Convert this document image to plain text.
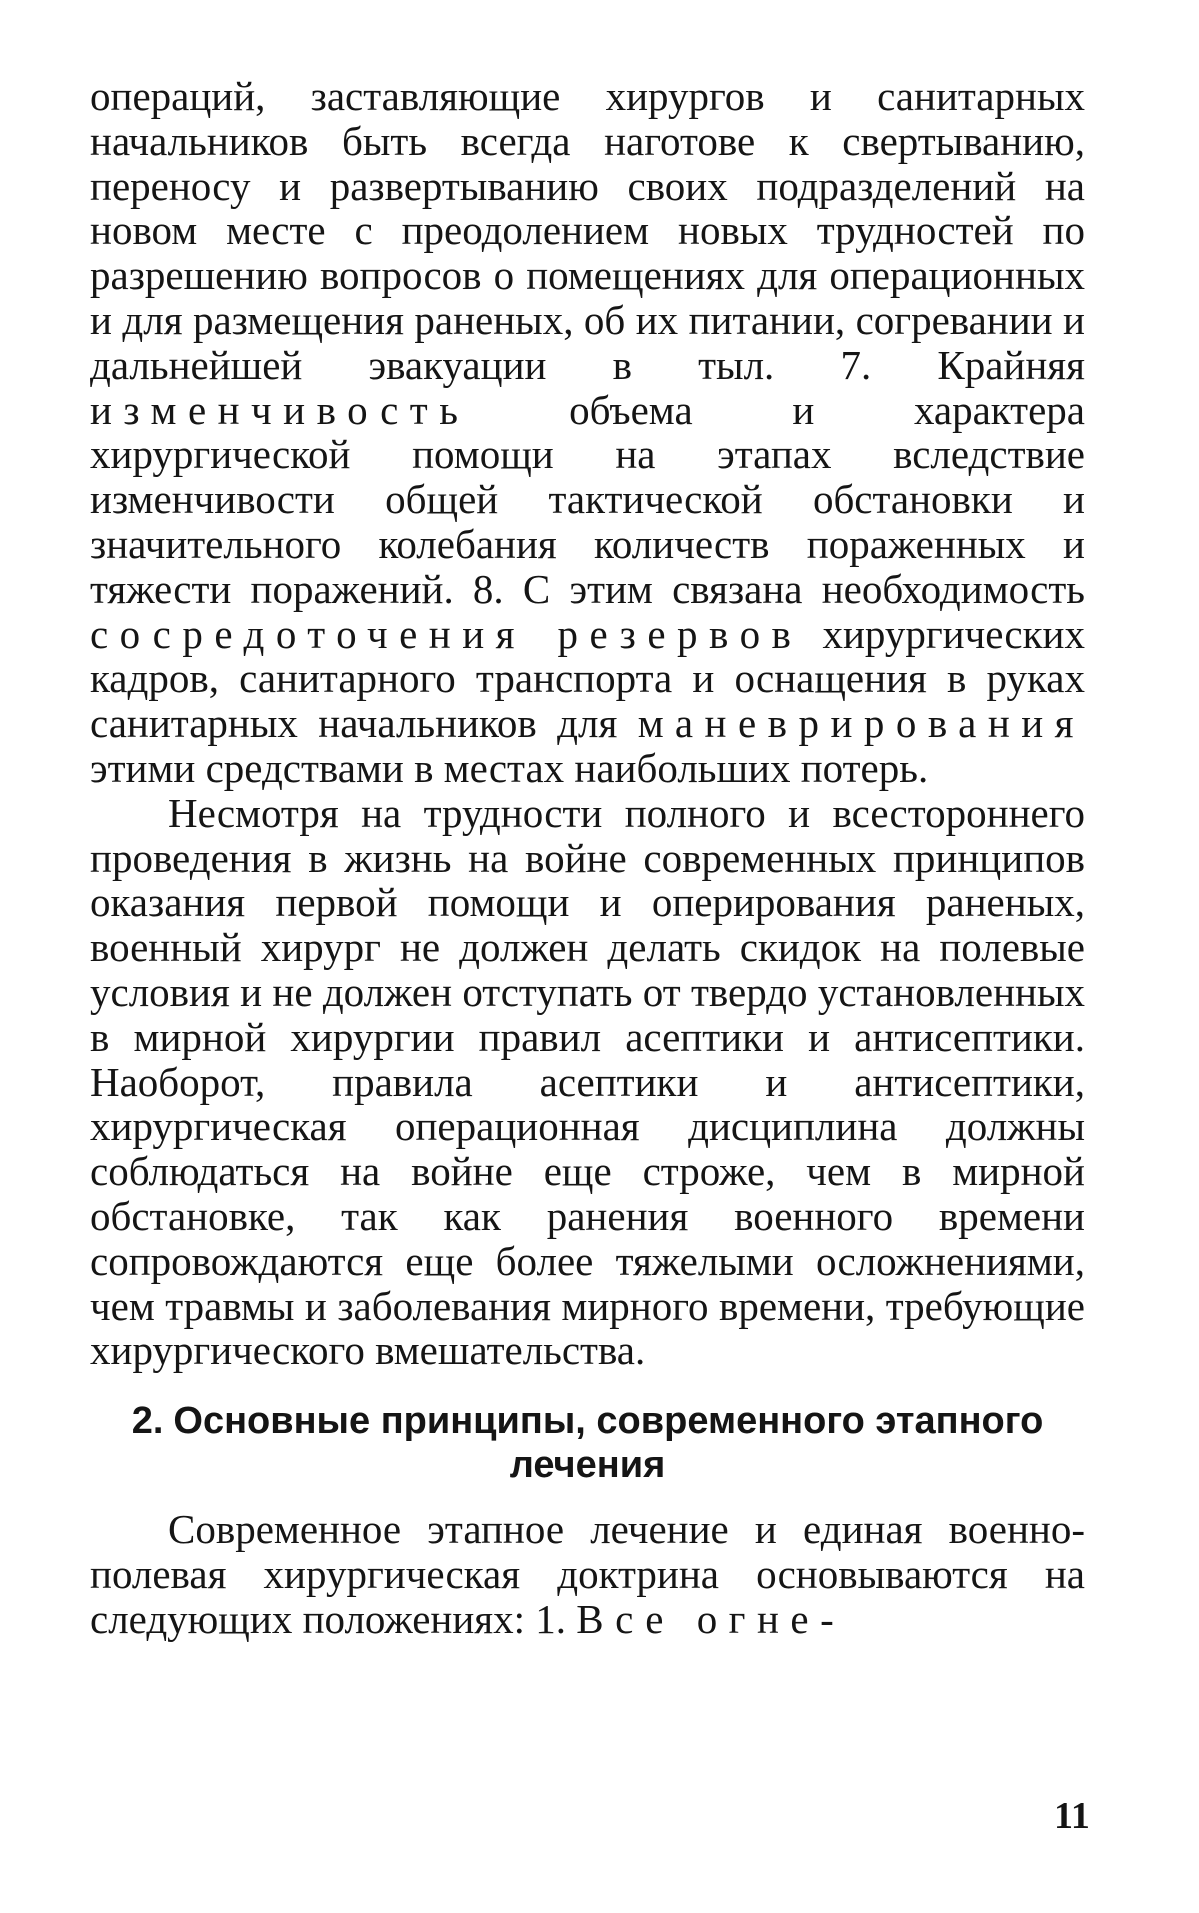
операций, заставляющие хирургов и санитарных начальников быть всегда наготове к свертыванию, переносу и развертыванию своих подразделений на новом месте с преодолением новых трудностей по разрешению вопросов о помещениях для операционных и для размещения раненых, об их питании, согревании и дальнейшей эвакуации в тыл. 7. Крайняя изменчивость объема и характера хирургической помощи на этапах вследствие изменчивости общей тактической обстановки и значительного колебания количеств пораженных и тяжести поражений. 8. С этим связана необходимость сосредоточения резервов хирургических кадров, санитарного транспорта и оснащения в руках санитарных начальников для маневрирования этими средствами в местах наибольших потерь.

Несмотря на трудности полного и всестороннего проведения в жизнь на войне современных принципов оказания первой помощи и оперирования раненых, военный хирург не должен делать скидок на полевые условия и не должен отступать от твердо установленных в мирной хирургии правил асептики и антисептики. Наоборот, правила асептики и антисептики, хирургическая операционная дисциплина должны соблюдаться на войне еще строже, чем в мирной обстановке, так как ранения военного времени сопровождаются еще более тяжелыми осложнениями, чем травмы и заболевания мирного времени, требующие хирургического вмешательства.

2. Основные принципы, современного этапного лечения

Современное этапное лечение и единая военно-полевая хирургическая доктрина основываются на следующих положениях: 1. Все огне-

11
